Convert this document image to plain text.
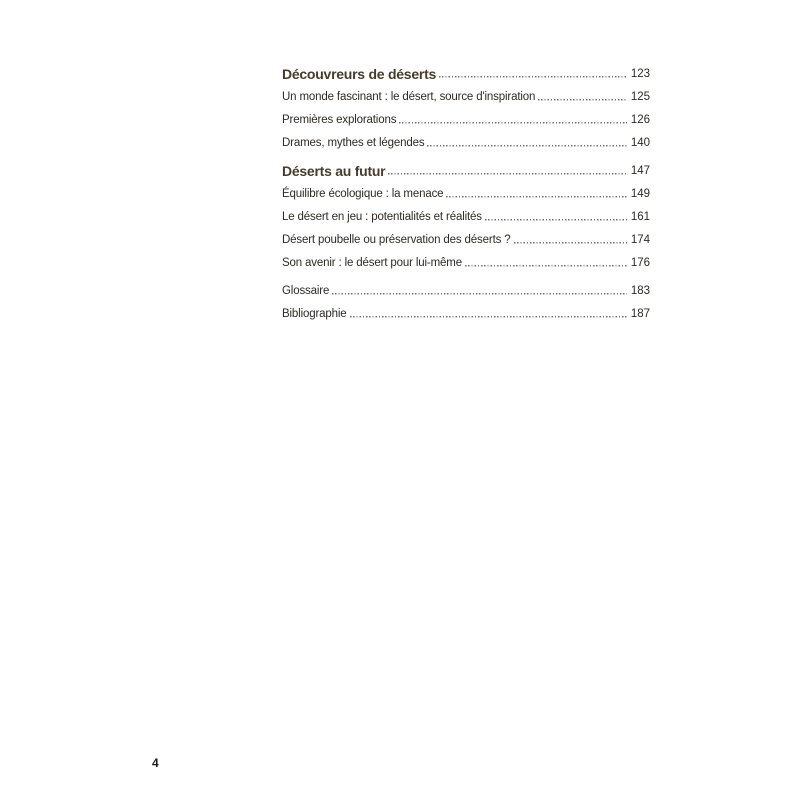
Découvreurs de déserts	123
Un monde fascinant : le désert, source d'inspiration	125
Premières explorations	126
Drames, mythes et légendes	140
Déserts au futur	147
Équilibre écologique : la menace	149
Le désert en jeu : potentialités et réalités	161
Désert poubelle ou préservation des déserts ?	174
Son avenir : le désert pour lui-même	176
Glossaire	183
Bibliographie	187
4
